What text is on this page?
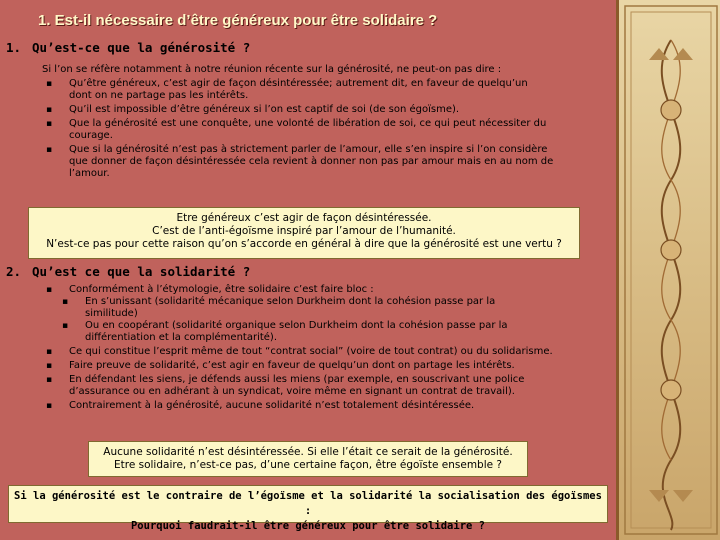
1. Est-il nécessaire d’être généreux pour être solidaire ?
1. Qu’est-ce que la générosité ?
Si l’on se réfère notamment à notre réunion récente sur la générosité, ne peut-on pas dire :
▪ Qu’être généreux, c’est agir de façon désintéressée; autrement dit, en faveur de quelqu’un
dont on ne partage pas les intérêts.
▪ Qu’il est impossible d’être généreux si l’on est captif de soi (de son égoïsme).
▪ Que la générosité est une conquête, une volonté de libération de soi, ce qui peut nécessiter du
courage.
▪ Que si la générosité n’est pas à strictement parler de l’amour, elle s’en inspire si l’on considère
que donner de façon désintéressée cela revient à donner non pas par amour mais en au nom de
l’amour.
Etre généreux c’est agir de façon désintéressée.
C’est de l’anti-égoïsme inspiré par l’amour de l’humanité.
N’est-ce pas pour cette raison qu’on s’accorde en général à dire que la générosité est une vertu ?
2. Qu’est ce que la solidarité ?
▪ Conformément à l’étymologie, être solidaire c’est faire bloc :
▪ En s’unissant (solidarité mécanique selon Durkheim dont la cohésion passe par la
similitude)
▪ Ou en coopérant (solidarité organique selon Durkheim dont la cohésion passe par la
différentiation et la complémentarité).
▪ Ce qui constitue l’esprit même de tout “contrat social” (voire de tout contrat) ou du solidarisme.
▪ Faire preuve de solidarité, c’est agir en faveur de quelqu’un dont on partage les intérêts.
▪ En défendant les siens, je défends aussi les miens (par exemple, en souscrivant une police
d’assurance ou en adhérant à un syndicat, voire même en signant un contrat de travail).
▪ Contrairement à la générosité, aucune solidarité n’est totalement désintéressée.
Aucune solidarité n’est désintéressée. Si elle l’était ce serait de la générosité.
Etre solidaire, n’est-ce pas, d’une certaine façon, être égoïste ensemble ?
Si la générosité est le contraire de l’égoïsme et la solidarité la socialisation des égoïsmes :
Pourquoi faudrait-il être généreux pour être solidaire ?
